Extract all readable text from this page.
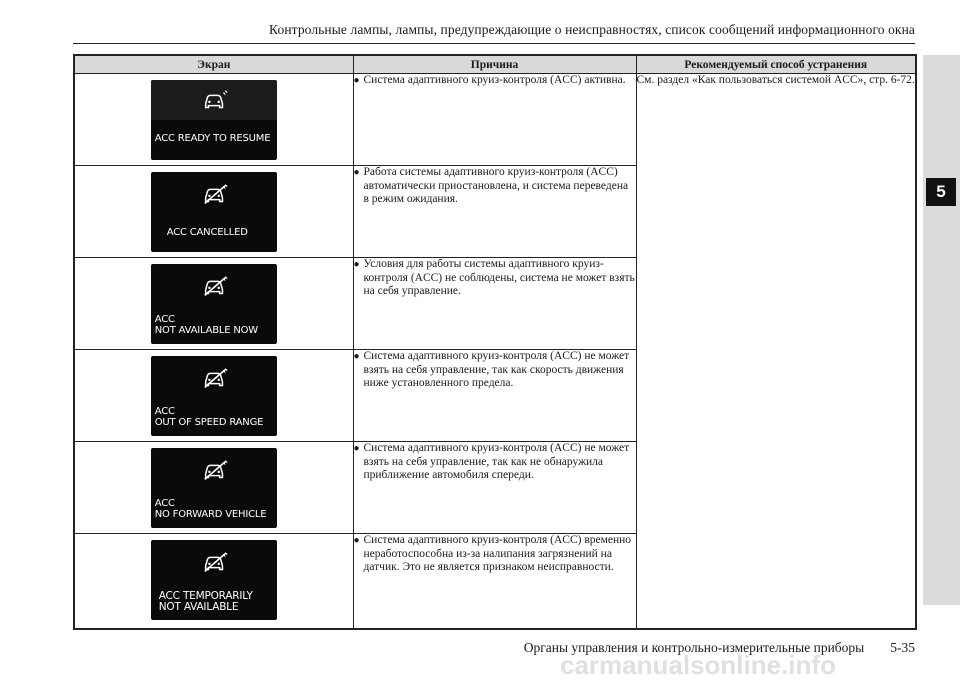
Контрольные лампы, лампы, предупреждающие о неисправностях, список сообщений информационного окна
5
Экран	Причина	Рекомендуемый способ устранения

ACC READY TO RESUME	● Система адаптивного круиз-контроля (ACC) активна.	См. раздел «Как пользоваться системой ACC», стр. 6-72.

ACC CANCELLED	● Работа системы адаптивного круиз-контроля (ACC) автоматически приостановлена, и система переведена в режим ожидания.	

ACC
NOT AVAILABLE NOW	● Условия для работы системы адаптивного круиз-контроля (ACC) не соблюдены, система не может взять на себя управление.	

ACC
OUT OF SPEED RANGE	● Система адаптивного круиз-контроля (ACC) не может взять на себя управление, так как скорость движения ниже установленного предела.	

ACC
NO FORWARD VEHICLE	● Система адаптивного круиз-контроля (ACC) не может взять на себя управление, так как не обнаружила приближение автомобиля спереди.	

ACC TEMPORARILY
NOT AVAILABLE	● Система адаптивного круиз-контроля (ACC) временно неработоспособна из-за налипания загрязнений на датчик. Это не является признаком неисправности.	
Органы управления и контрольно-измерительные приборы 5-35
carmanualsonline.info
